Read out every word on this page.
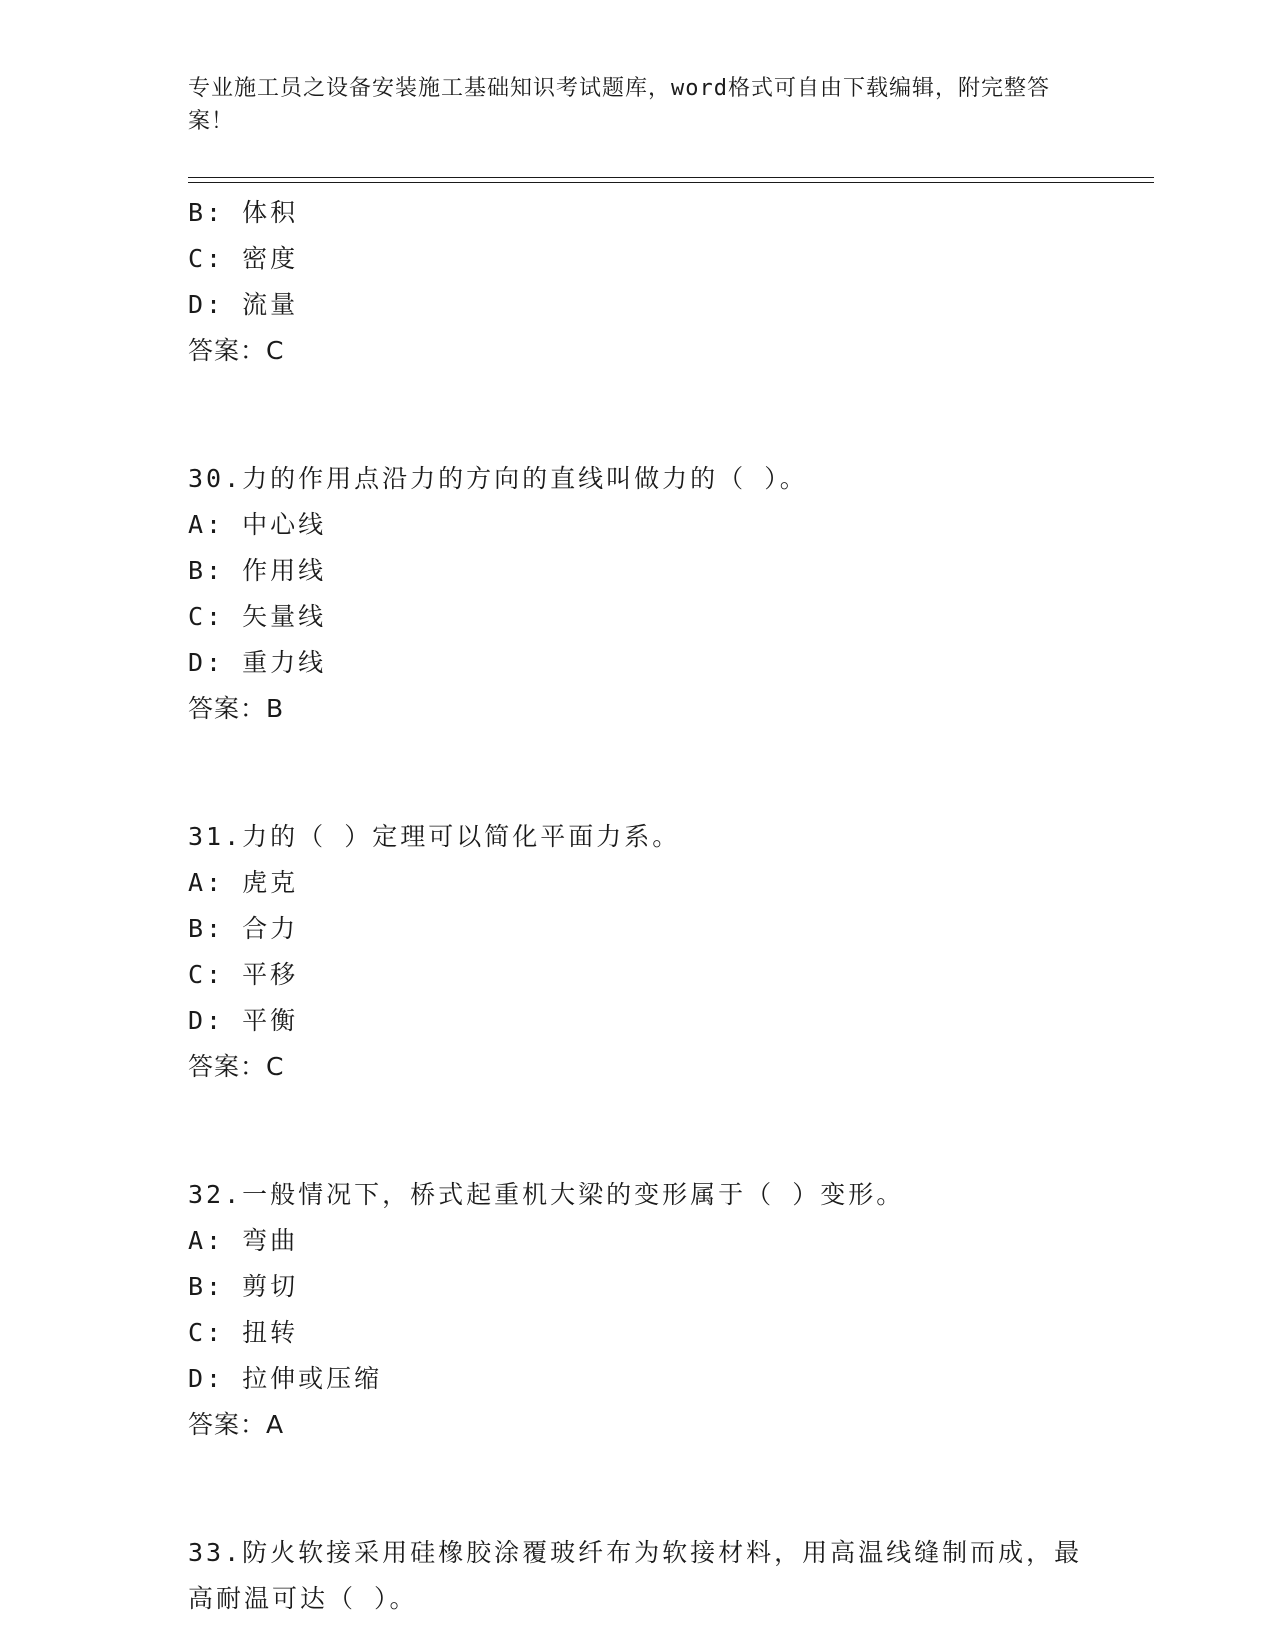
专业施工员之设备安装施工基础知识考试题库，word格式可自由下载编辑，附完整答案！
B: 体积
C: 密度
D: 流量
答案：C
30.力的作用点沿力的方向的直线叫做力的（ ）。
A: 中心线
B: 作用线
C: 矢量线
D: 重力线
答案：B
31.力的（ ）定理可以简化平面力系。
A: 虎克
B: 合力
C: 平移
D: 平衡
答案：C
32.一般情况下，桥式起重机大梁的变形属于（ ）变形。
A: 弯曲
B: 剪切
C: 扭转
D: 拉伸或压缩
答案：A
33.防火软接采用硅橡胶涂覆玻纤布为软接材料，用高温线缝制而成，最高耐温可达（ ）。
